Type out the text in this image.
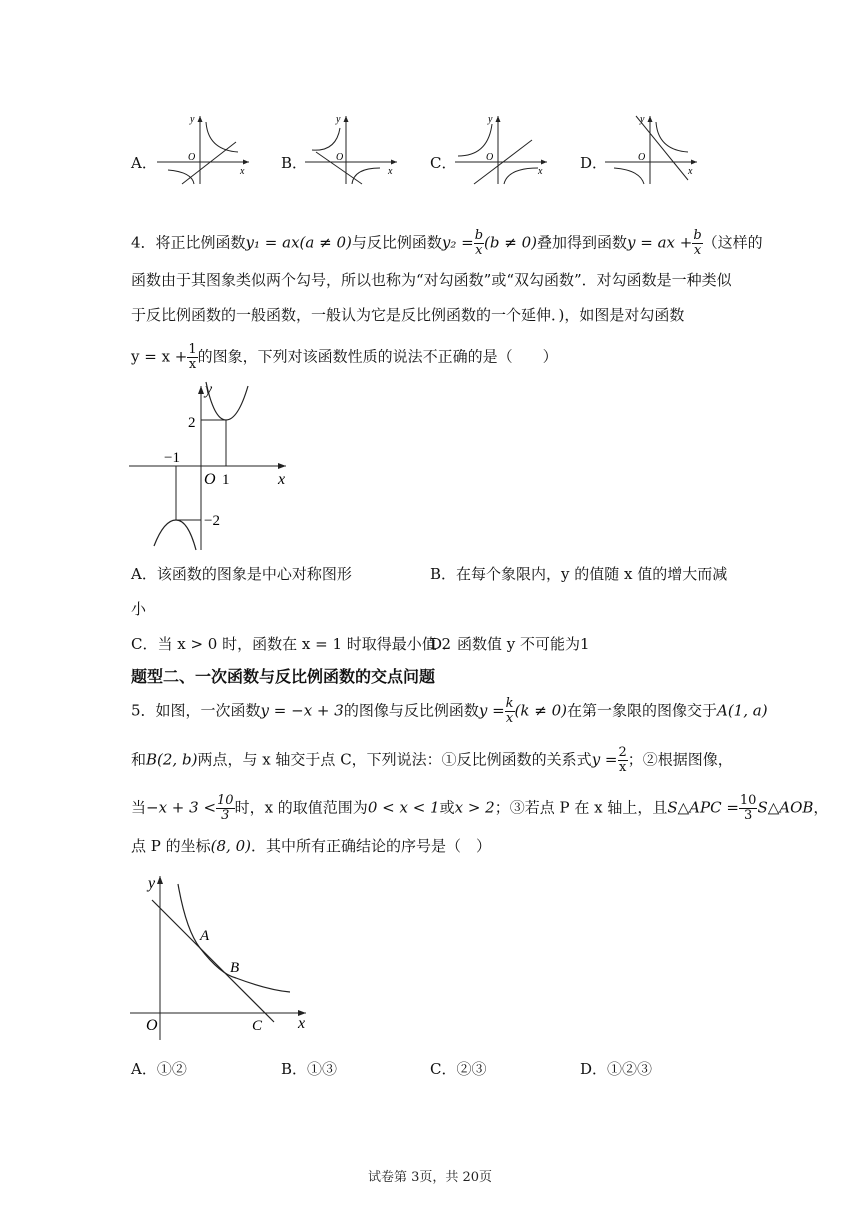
A．
y
x
O	B．
y
x
O	C．
y
x
O	D．
y
x
O
4．将正比例函数y₁ = ax(a ≠ 0)与反比例函数$y_2 = \frac{b}{x} (b \ne 0)$叠加得到函数y = ax + $\frac{b}{x}$ （这样的
函数由于其图象类似两个勾号，所以也称为“对勾函数”或“双勾函数”．对勾函数是一种类似
于反比例函数的一般函数，一般认为它是反比例函数的一个延伸．)，如图是对勾函数
$y = x + \frac{1}{x}$ 的图象，下列对该函数性质的说法不正确的是（　　）
y
x
O
2
1
−1
−2
A．该函数的图象是中心对称图形	B．在每个象限内，y 的值随 x 值的增大而减
小
C．当 x > 0 时，函数在 x = 1 时取得最小值 2
D．函数值 y 不可能为1
题型二、一次函数与反比例函数的交点问题
5．如图，一次函数y = −x + 3的图像与反比例函数$y = \frac{k}{x} (k \ne 0)$在第一象限的图像交于A(1, a)
和B(2, b)两点，与 x 轴交于点 C，下列说法：①反比例函数的关系式$y = \frac{2}{x}$ ；②根据图像，
当$-x + 3 < \frac{10}{3}$ 时，x 的取值范围为0 < x < 1或x > 2；③若点 P 在 x 轴上，且S△APC = $\frac{10}{3}$ S△AOB，
点 P 的坐标(8, 0)．其中所有正确结论的序号是（　）
y
x
O
A
B
C
A．①②	B．①③	C．②③	D．①②③
试卷第 3页，共 20页
